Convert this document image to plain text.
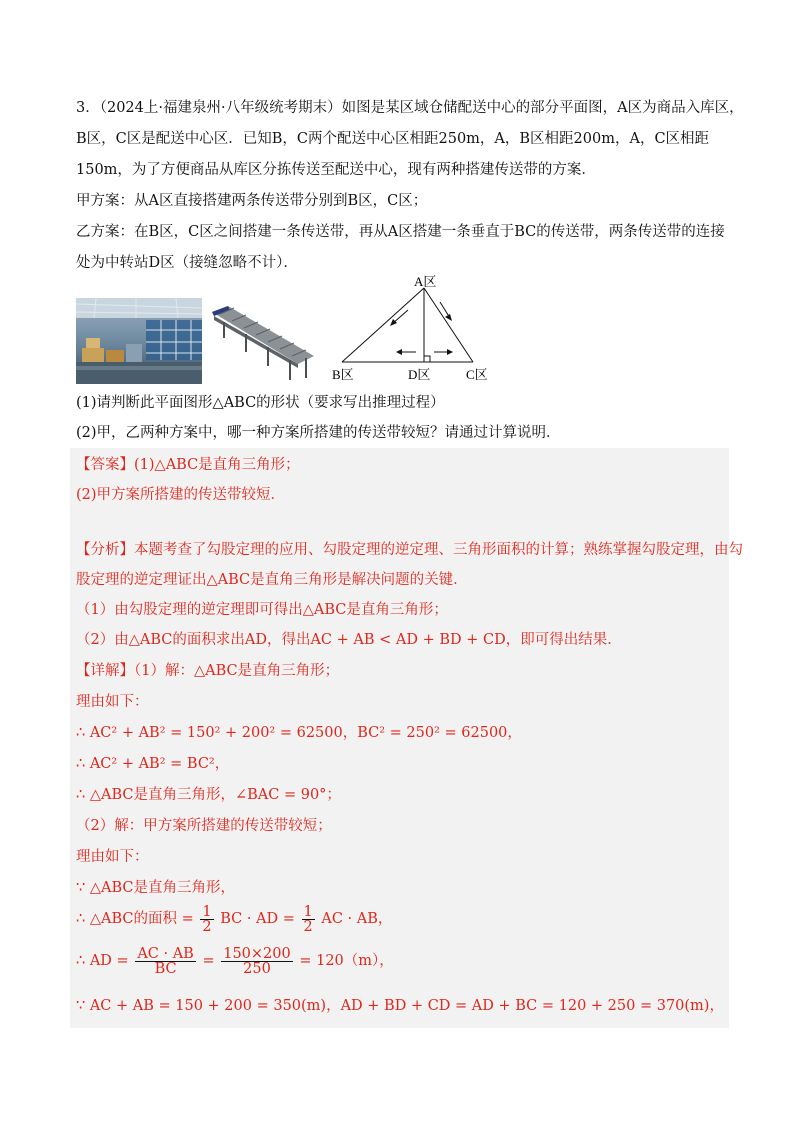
3．（2024上·福建泉州·八年级统考期末）如图是某区域仓储配送中心的部分平面图，A区为商品入库区，
B区，C区是配送中心区．已知B，C两个配送中心区相距250m，A，B区相距200m，A，C区相距
150m，为了方便商品从库区分拣传送至配送中心，现有两种搭建传送带的方案．
甲方案：从A区直接搭建两条传送带分别到B区，C区；
乙方案：在B区，C区之间搭建一条传送带，再从A区搭建一条垂直于BC的传送带，两条传送带的连接
处为中转站D区（接缝忽略不计）．
A区
B区	D区	C区
(1)请判断此平面图形△ABC的形状（要求写出推理过程）
(2)甲，乙两种方案中，哪一种方案所搭建的传送带较短？请通过计算说明．
【答案】(1)△ABC是直角三角形；
(2)甲方案所搭建的传送带较短．
【分析】本题考查了勾股定理的应用、勾股定理的逆定理、三角形面积的计算；熟练掌握勾股定理，由勾
股定理的逆定理证出△ABC是直角三角形是解决问题的关键．
（1）由勾股定理的逆定理即可得出△ABC是直角三角形；
（2）由△ABC的面积求出AD，得出AC + AB < AD + BD + CD，即可得出结果．
【详解】（1）解：△ABC是直角三角形；
理由如下：
∴ AC² + AB² = 150² + 200² = 62500，BC² = 250² = 62500，
∴ AC² + AB² = BC²，
∴ △ABC是直角三角形，∠BAC = 90°；
（2）解：甲方案所搭建的传送带较短；
理由如下：
∵ △ABC是直角三角形，
∴ △ABC的面积 = $\frac{1}{2}$ BC · AD = $\frac{1}{2}$ AC · AB，
∴ AD = $\frac{AC \cdot AB}{BC} = \frac{150\times 200}{250} = 120(m)$，
∵ AC + AB = 150 + 200 = 350(m)，AD + BD + CD = AD + BC = 120 + 250 = 370(m)，
